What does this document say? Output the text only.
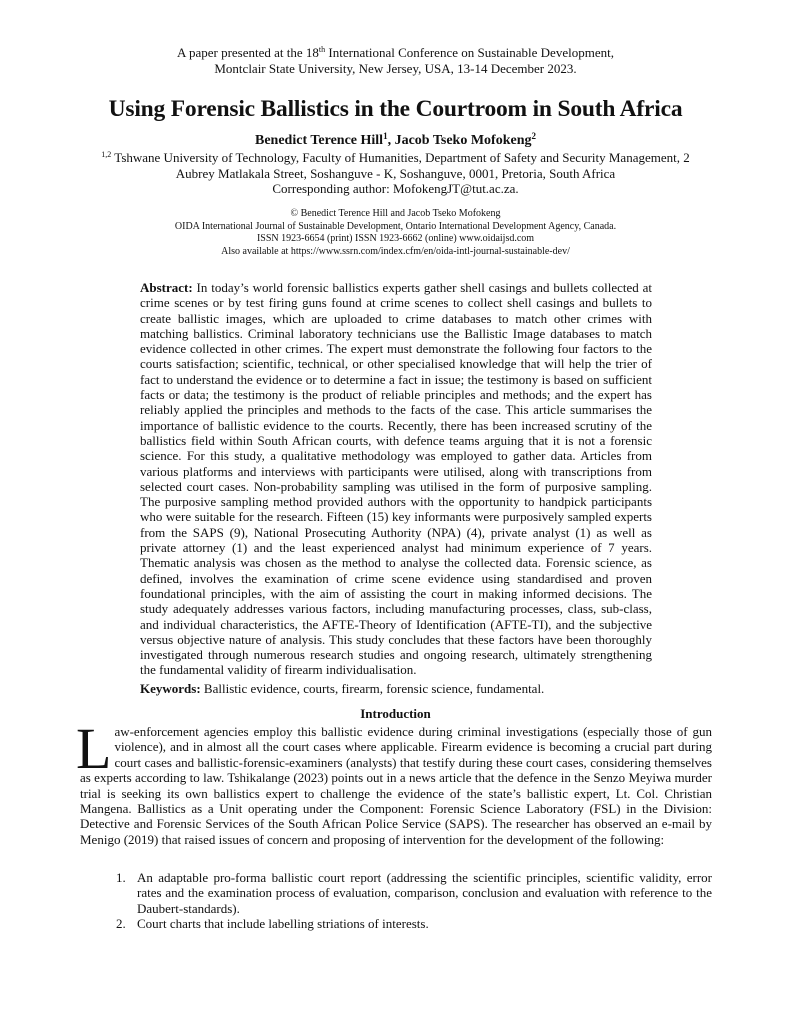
A paper presented at the 18th International Conference on Sustainable Development,
Montclair State University, New Jersey, USA, 13-14 December 2023.
Using Forensic Ballistics in the Courtroom in South Africa
Benedict Terence Hill$^1$, Jacob Tseko Mofokeng$^2$
$^{1,2}$ Tshwane University of Technology, Faculty of Humanities, Department of Safety and Security Management, 2
Aubrey Matlakala Street, Soshanguve - K, Soshanguve, 0001, Pretoria, South Africa
Corresponding author: MofokengJT@tut.ac.za.
© Benedict Terence Hill and Jacob Tseko Mofokeng
OIDA International Journal of Sustainable Development, Ontario International Development Agency, Canada.
ISSN 1923-6654 (print) ISSN 1923-6662 (online) www.oidaijsd.com
Also available at https://www.ssrn.com/index.cfm/en/oida-intl-journal-sustainable-dev/
Abstract: In today’s world forensic ballistics experts gather shell casings and bullets collected at crime scenes or by test firing guns found at crime scenes to collect shell casings and bullets to create ballistic images, which are uploaded to crime databases to match other crimes with matching ballistics. Criminal laboratory technicians use the Ballistic Image databases to match evidence collected in other crimes. The expert must demonstrate the following four factors to the courts satisfaction; scientific, technical, or other specialised knowledge that will help the trier of fact to understand the evidence or to determine a fact in issue; the testimony is based on sufficient facts or data; the testimony is the product of reliable principles and methods; and the expert has reliably applied the principles and methods to the facts of the case. This article summarises the importance of ballistic evidence to the courts. Recently, there has been increased scrutiny of the ballistics field within South African courts, with defence teams arguing that it is not a forensic science. For this study, a qualitative methodology was employed to gather data. Articles from various platforms and interviews with participants were utilised, along with transcriptions from selected court cases. Non-probability sampling was utilised in the form of purposive sampling. The purposive sampling method provided authors with the opportunity to handpick participants who were suitable for the research. Fifteen (15) key informants were purposively sampled experts from the SAPS (9), National Prosecuting Authority (NPA) (4), private analyst (1) as well as private attorney (1) and the least experienced analyst had minimum experience of 7 years. Thematic analysis was chosen as the method to analyse the collected data. Forensic science, as defined, involves the examination of crime scene evidence using standardised and proven foundational principles, with the aim of assisting the court in making informed decisions. The study adequately addresses various factors, including manufacturing processes, class, sub-class, and individual characteristics, the AFTE-Theory of Identification (AFTE-TI), and the subjective versus objective nature of analysis. This study concludes that these factors have been thoroughly investigated through numerous research studies and ongoing research, ultimately strengthening the fundamental validity of firearm individualisation.
Keywords: Ballistic evidence, courts, firearm, forensic science, fundamental.
Introduction
Law-enforcement agencies employ this ballistic evidence during criminal investigations (especially those of gun violence), and in almost all the court cases where applicable. Firearm evidence is becoming a crucial part during court cases and ballistic-forensic-examiners (analysts) that testify during these court cases, considering themselves as experts according to law. Tshikalange (2023) points out in a news article that the defence in the Senzo Meyiwa murder trial is seeking its own ballistics expert to challenge the evidence of the state’s ballistic expert, Lt. Col. Christian Mangena. Ballistics as a Unit operating under the Component: Forensic Science Laboratory (FSL) in the Division: Detective and Forensic Services of the South African Police Service (SAPS). The researcher has observed an e-mail by Menigo (2019) that raised issues of concern and proposing of intervention for the development of the following:
1. An adaptable pro-forma ballistic court report (addressing the scientific principles, scientific validity, error rates and the examination process of evaluation, comparison, conclusion and evaluation with reference to the Daubert-standards).
2. Court charts that include labelling striations of interests.
